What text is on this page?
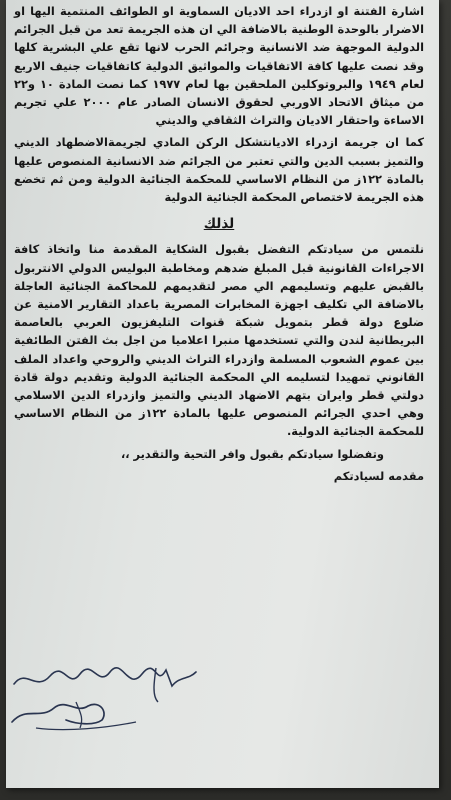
اشارة الفتنة او ازدراء احد الاديان السماوية او الطوائف المنتمية اليها او الاضرار بالوحدة الوطنية بالاضافة الي ان هذه الجريمة تعد من قبل الجرائم الدولية الموجهة ضد الانسانية وجرائم الحرب لانها تقع علي البشرية كلها وقد نصت عليها كافة الاتفاقيات والمواثيق الدولية كاتفاقيات جنيف الاربع لعام ١٩٤٩ والبروتوكلين الملحقين بها لعام ١٩٧٧ كما نصت المادة ١٠ و٢٢ من ميثاق الاتحاد الاوربي لحقوق الانسان الصادر عام ٢٠٠٠ علي تجريم الاساءة واحتقار الاديان والتراث الثقافي والديني

كما ان جريمة ازدراء الاديانتشكل الركن المادي لجريمةالاضطهاد الديني والتميز بسبب الدين والتي تعتبر من الجرائم ضد الانسانية المنصوص عليها بالمادة ١٢٢ز من النظام الاساسي للمحكمة الجنائية الدولية ومن ثم تخضع هذه الجريمة لاختصاص المحكمة الجنائية الدولية

لذلك

نلتمس من سيادتكم التفضل بقبول الشكاية المقدمة منا واتخاذ كافة الاجراءات القانونية قبل المبلغ ضدهم ومخاطبة البوليس الدولي الانتربول بالقبض عليهم وتسليمهم الي مصر لتقديمهم للمحاكمة الجنائية العاجلة بالاضافة الي تكليف اجهزة المخابرات المصرية باعداد التقارير الامنية عن ضلوع دولة قطر بتمويل شبكة قنوات التليفزيون العربي بالعاصمة البريطانية لندن والتي تستخدمها منبرا اعلاميا من اجل بث الفتن الطائفية بين عموم الشعوب المسلمة وازدراء التراث الديني والروحي واعداد الملف القانوني تمهيدا لتسليمه الي المحكمة الجنائية الدولية وتقديم دولة قادة دولتي قطر وايران بتهم الاضهاد الديني والتميز وازدراء الدين الاسلامي وهي احدي الجرائم المنصوص عليها بالمادة ١٢٢ز من النظام الاساسي للمحكمة الجنائية الدولية.

وتفضلوا سيادتكم بقبول وافر التحية والتقدير ،،

مقدمه لسيادتكم
